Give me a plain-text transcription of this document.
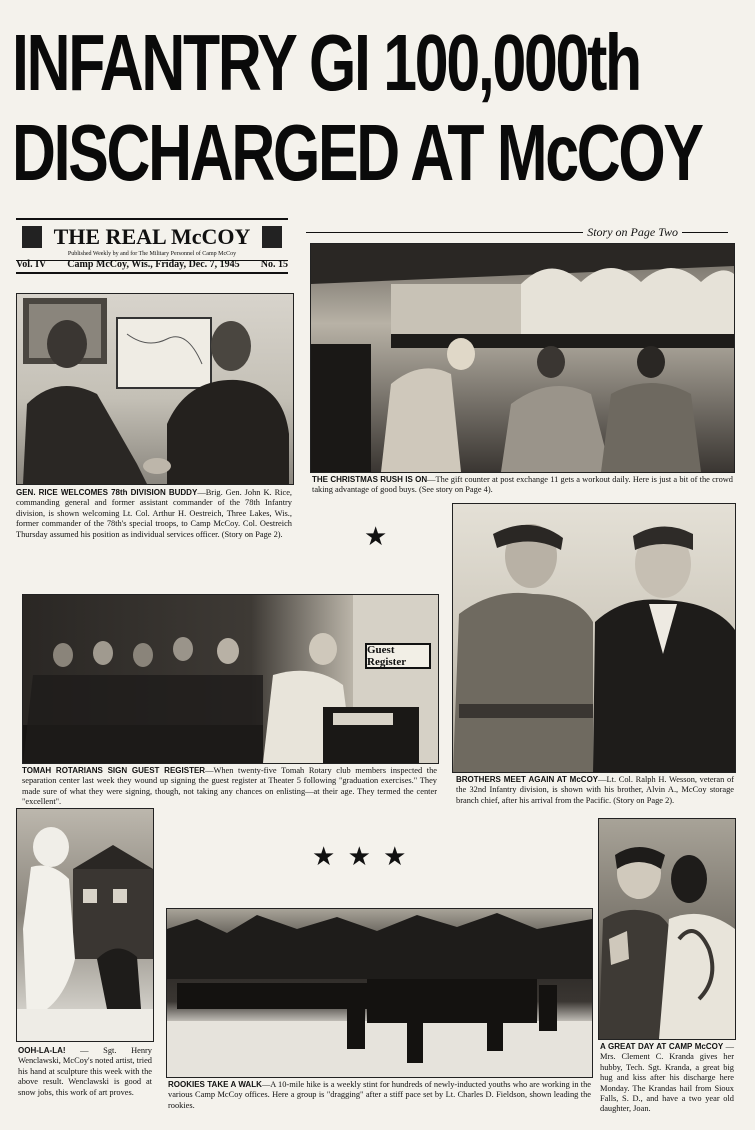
INFANTRY GI 100,000th
DISCHARGED AT McCOY
THE REAL McCOY
Published Weekly by and for The Military Personnel of Camp McCoy
Vol. IV Camp McCoy, Wis., Friday, Dec. 7, 1945 No. 15
Story on Page Two
GEN. RICE WELCOMES 78th DIVISION BUDDY—Brig. Gen. John K. Rice, commanding general and former assistant commander of the 78th Infantry division, is shown welcoming Lt. Col. Arthur H. Oestreich, Three Lakes, Wis., former commander of the 78th's special troops, to Camp McCoy. Col. Oestreich Thursday assumed his position as individual services officer. (Story on Page 2).
THE CHRISTMAS RUSH IS ON—The gift counter at post exchange 11 gets a workout daily. Here is just a bit of the crowd taking advantage of good buys. (See story on Page 4).
★
Guest Register
TOMAH ROTARIANS SIGN GUEST REGISTER—When twenty-five Tomah Rotary club members inspected the separation center last week they wound up signing the guest register at Theater 5 following "graduation exercises." They made sure of what they were signing, though, not taking any chances on enlisting—at their age. They termed the center "excellent".
BROTHERS MEET AGAIN AT McCOY—Lt. Col. Ralph H. Wesson, veteran of the 32nd Infantry division, is shown with his brother, Alvin A., McCoy storage branch chief, after his arrival from the Pacific. (Story on Page 2).
OOH-LA-LA! — Sgt. Henry Wenclawski, McCoy's noted artist, tried his hand at sculpture this week with the above result. Wenclawski is good at snow jobs, this work of art proves.
★ ★ ★
ROOKIES TAKE A WALK—A 10-mile hike is a weekly stint for hundreds of newly-inducted youths who are working in the various Camp McCoy offices. Here a group is "dragging" after a stiff pace set by Lt. Charles D. Fieldson, shown leading the rookies.
A GREAT DAY AT CAMP McCOY — Mrs. Clement C. Kranda gives her hubby, Tech. Sgt. Kranda, a great big hug and kiss after his discharge here Monday. The Krandas hail from Sioux Falls, S. D., and have a two year old daughter, Joan.
